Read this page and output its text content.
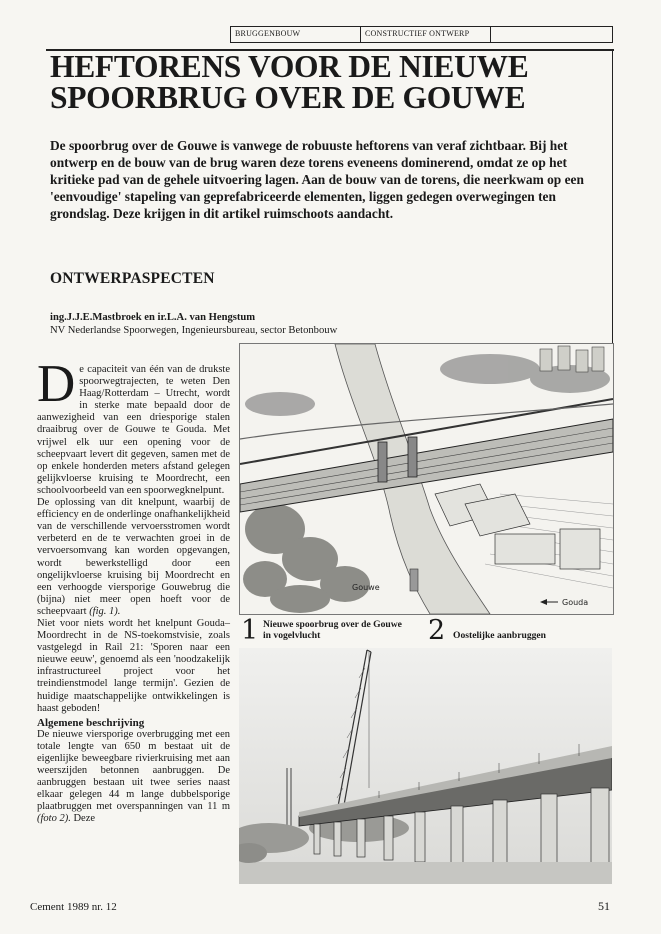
BRUGGENBOUW	CONSTRUCTIEF ONTWERP
HEFTORENS VOOR DE NIEUWE
SPOORBRUG OVER DE GOUWE

De spoorbrug over de Gouwe is vanwege de robuuste heftorens van veraf zichtbaar. Bij het ontwerp en de bouw van de brug waren deze torens eveneens dominerend, omdat ze op het kritieke pad van de gehele uitvoering lagen. Aan de bouw van de torens, die neerkwam op een 'eenvoudige' stapeling van geprefabriceerde elementen, liggen gedegen overwegingen ten grondslag. Deze krijgen in dit artikel ruimschoots aandacht.

ONTWERPASPECTEN

ing.J.J.E.Mastbroek en ir.L.A. van Hengstum

NV Nederlandse Spoorwegen, Ingenieursbureau, sector Betonbouw

De capaciteit van één van de drukste spoorwegtrajecten, te weten Den Haag/Rotterdam – Utrecht, wordt in sterke mate bepaald door de aanwezigheid van een driesporige stalen draaibrug over de Gouwe te Gouda. Met vrijwel elk uur een opening voor de scheepvaart levert dit gegeven, samen met de op enkele honderden meters afstand gelegen gelijkvloerse kruising te Moordrecht, een schoolvoorbeeld van een spoorwegknelpunt.

De oplossing van dit knelpunt, waarbij de efficiency en de onderlinge onafhankelijkheid van de verschillende vervoersstromen wordt verbeterd en de te verwachten groei in de vervoersomvang kan worden opgevangen, wordt bewerkstelligd door een ongelijkvloerse kruising bij Moordrecht en een verhoogde viersporige Gouwebrug die (bijna) niet meer open hoeft voor de scheepvaart (fig. 1).

Niet voor niets wordt het knelpunt Gouda–Moordrecht in de NS-toekomstvisie, zoals vastgelegd in Rail 21: 'Sporen naar een nieuwe eeuw', genoemd als een 'noodzakelijk infrastructureel project voor het treindienstmodel lange termijn'. Gezien de huidige maatschappelijke ontwikkelingen is haast geboden!

Algemene beschrijving

De nieuwe viersporige overbrugging met een totale lengte van 650 m bestaat uit de eigenlijke beweegbare rivierkruising met aan weerszijden betonnen aanbruggen. De aanbruggen bestaan uit twee series naast elkaar gelegen 44 m lange dubbelsporige plaatbruggen met overspanningen van 11 m (foto 2). Deze

Gouwe
Gouda
1 Nieuwe spoorbrug over de Gouwe
in vogelvlucht	2 Oostelijke aanbruggen
Cement 1989 nr. 12	51
